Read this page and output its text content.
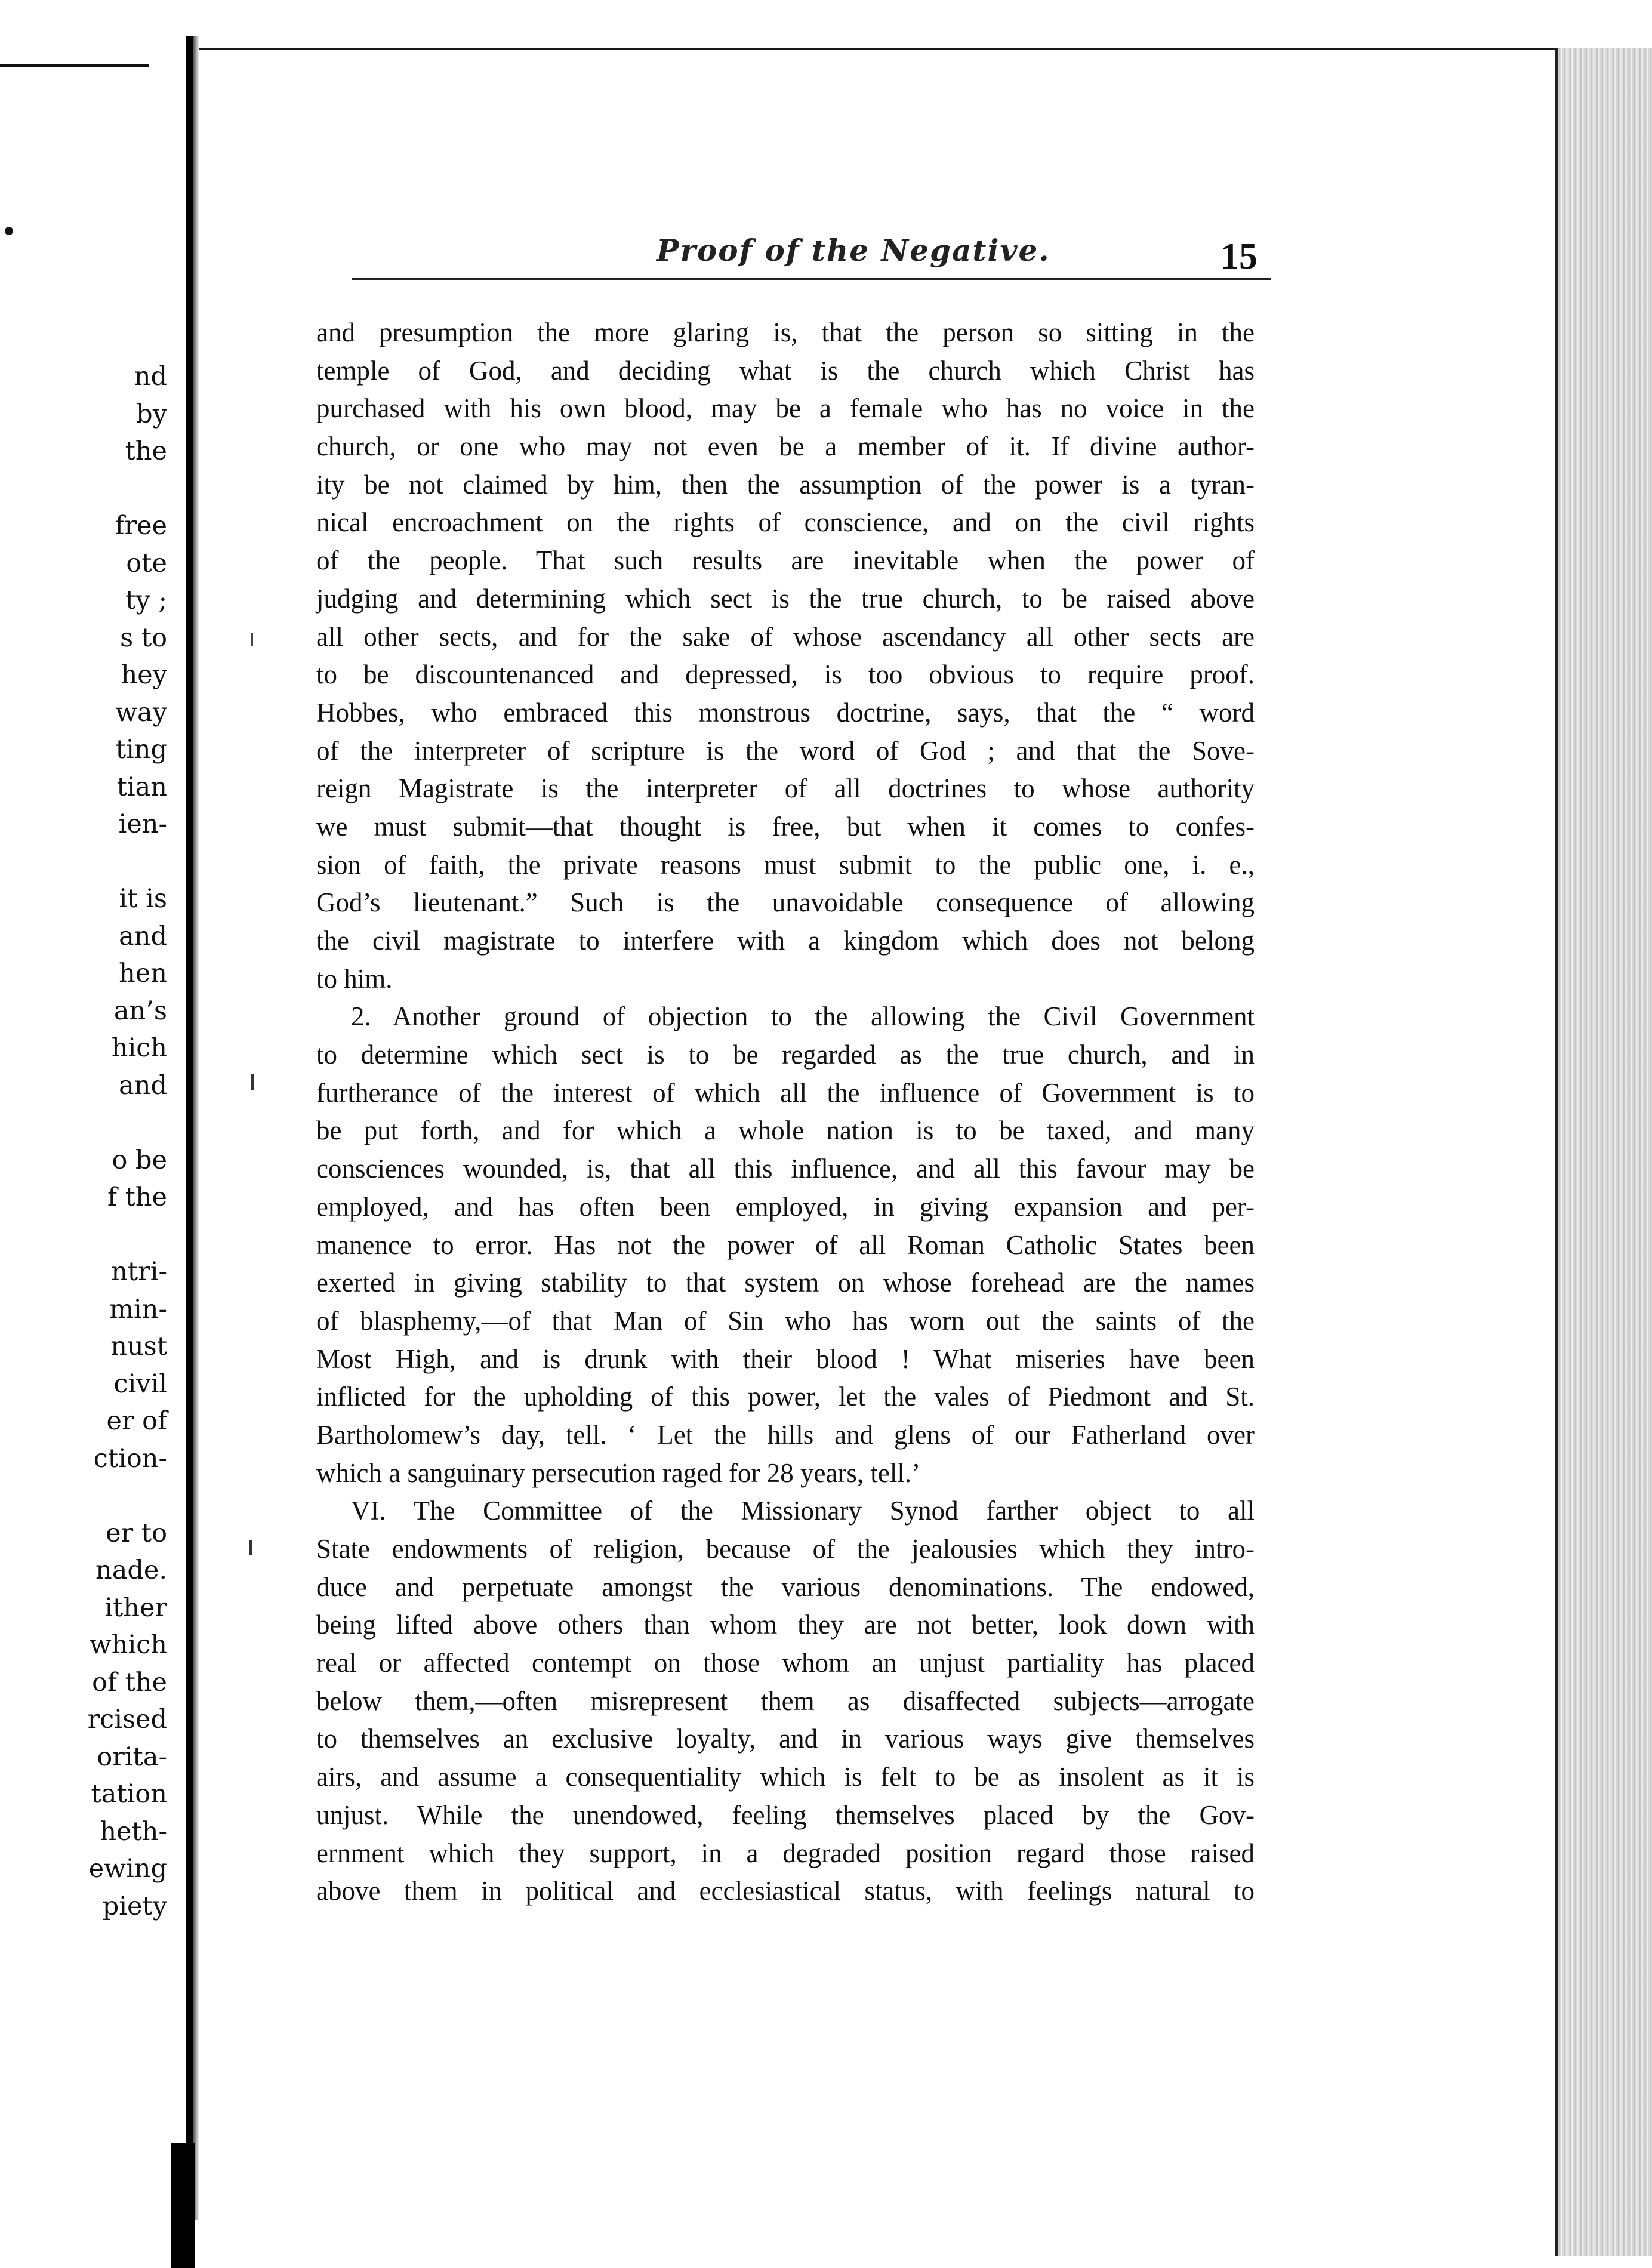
nd
by
the
free
ote
ty ;
s to
hey
way
ting
tian
ien-
it is
and
hen
an’s
hich
and
o be
f the
ntri-
min-
nust
civil
er of
ction-
er to
nade.
ither
which
of the
rcised
orita-
tation
heth-
ewing
piety
Proof of the Negative.	15
and presumption the more glaring is, that the person so sitting in the
temple of God, and deciding what is the church which Christ has
purchased with his own blood, may be a female who has no voice in the
church, or one who may not even be a member of it. If divine author-
ity be not claimed by him, then the assumption of the power is a tyran-
nical encroachment on the rights of conscience, and on the civil rights
of the people. That such results are inevitable when the power of
judging and determining which sect is the true church, to be raised above
all other sects, and for the sake of whose ascendancy all other sects are
to be discountenanced and depressed, is too obvious to require proof.
Hobbes, who embraced this monstrous doctrine, says, that the “ word
of the interpreter of scripture is the word of God ; and that the Sove-
reign Magistrate is the interpreter of all doctrines to whose authority
we must submit—that thought is free, but when it comes to confes-
sion of faith, the private reasons must submit to the public one, i. e.,
God’s lieutenant.” Such is the unavoidable consequence of allowing
the civil magistrate to interfere with a kingdom which does not belong
to him.
2. Another ground of objection to the allowing the Civil Government
to determine which sect is to be regarded as the true church, and in
furtherance of the interest of which all the influence of Government is to
be put forth, and for which a whole nation is to be taxed, and many
consciences wounded, is, that all this influence, and all this favour may be
employed, and has often been employed, in giving expansion and per-
manence to error. Has not the power of all Roman Catholic States been
exerted in giving stability to that system on whose forehead are the names
of blasphemy,—of that Man of Sin who has worn out the saints of the
Most High, and is drunk with their blood ! What miseries have been
inflicted for the upholding of this power, let the vales of Piedmont and St.
Bartholomew’s day, tell. ‘ Let the hills and glens of our Fatherland over
which a sanguinary persecution raged for 28 years, tell.’
VI. The Committee of the Missionary Synod farther object to all
State endowments of religion, because of the jealousies which they intro-
duce and perpetuate amongst the various denominations. The endowed,
being lifted above others than whom they are not better, look down with
real or affected contempt on those whom an unjust partiality has placed
below them,—often misrepresent them as disaffected subjects—arrogate
to themselves an exclusive loyalty, and in various ways give themselves
airs, and assume a consequentiality which is felt to be as insolent as it is
unjust. While the unendowed, feeling themselves placed by the Gov-
ernment which they support, in a degraded position regard those raised
above them in political and ecclesiastical status, with feelings natural to
